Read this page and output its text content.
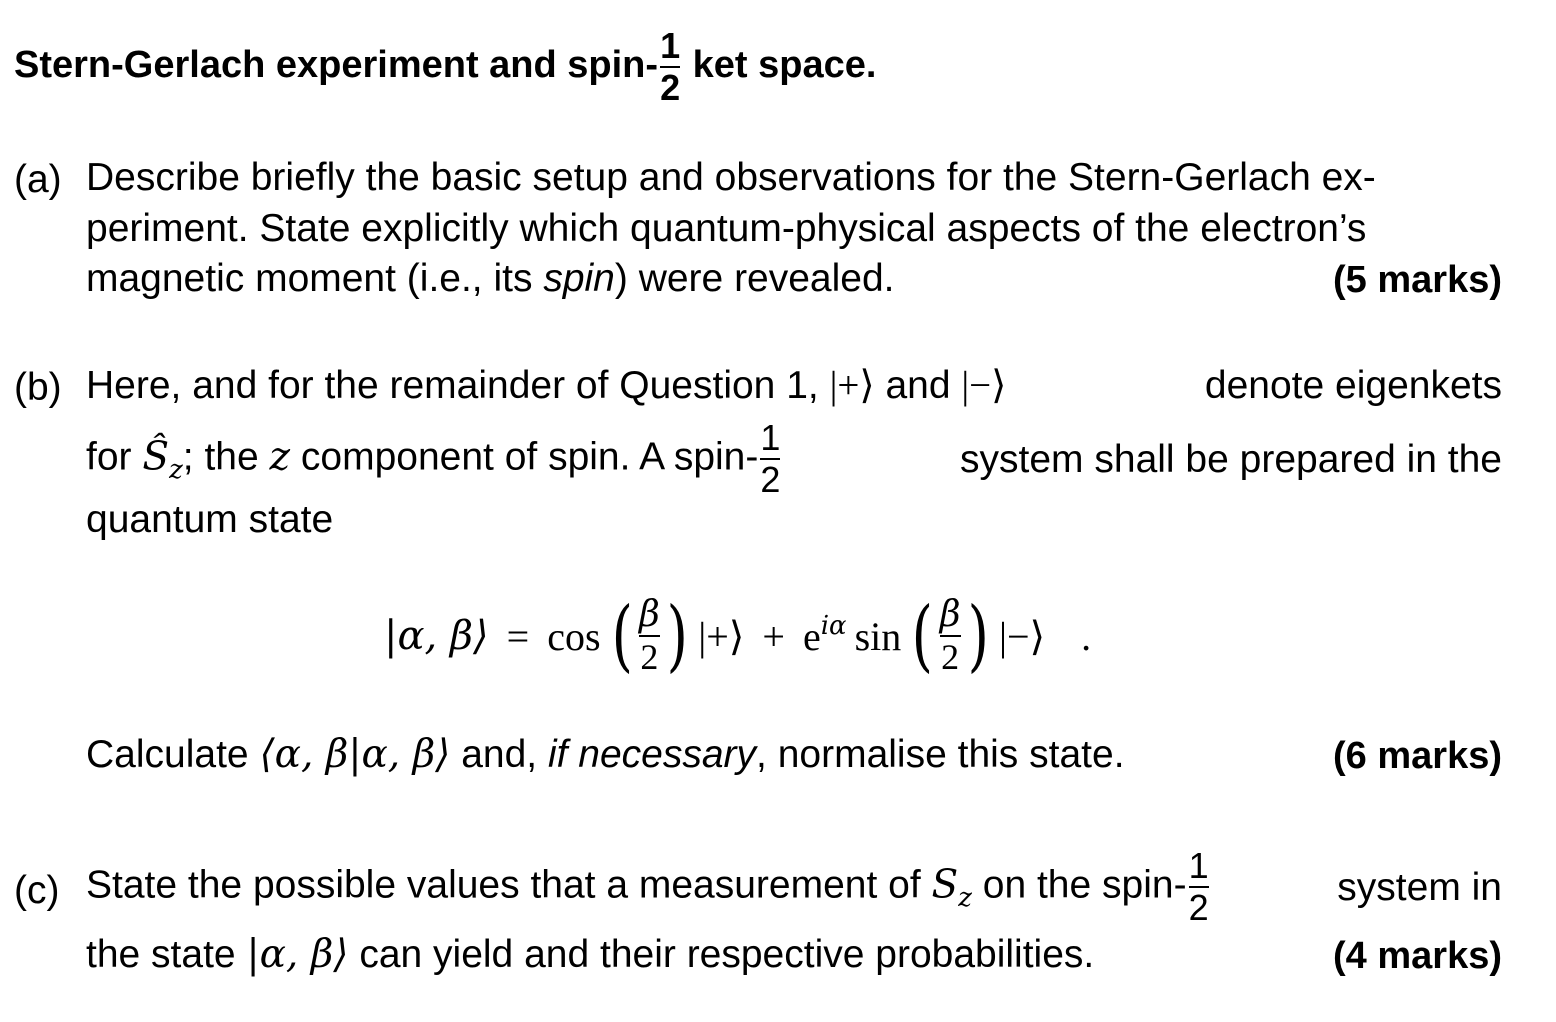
Stern-Gerlach experiment and spin- $\frac{1}{2}$ ket space.
(a) Describe briefly the basic setup and observations for the Stern-Gerlach ex-
periment. State explicitly which quantum-physical aspects of the electron’s
magnetic moment (i.e., its spin) were revealed.	(5 marks)
(b) Here, and for the remainder of Question 1, |+⟩ and |−⟩	denote eigenkets
for $Ŝ_z$; the z component of spin. A spin- $\frac{1}{2}$	system shall be prepared in the
quantum state
|α, β⟩ = cos ( $\frac{\beta}{2}$ ) |+⟩ + $e^{i\alpha}$ sin ( $\frac{\beta}{2}$ ) |−⟩ .
Calculate ⟨α, β|α, β⟩ and, if necessary, normalise this state.	(6 marks)
(c) State the possible values that a measurement of $S_z$ on the spin- $\frac{1}{2}$	system in
the state |α, β⟩ can yield and their respective probabilities.	(4 marks)
